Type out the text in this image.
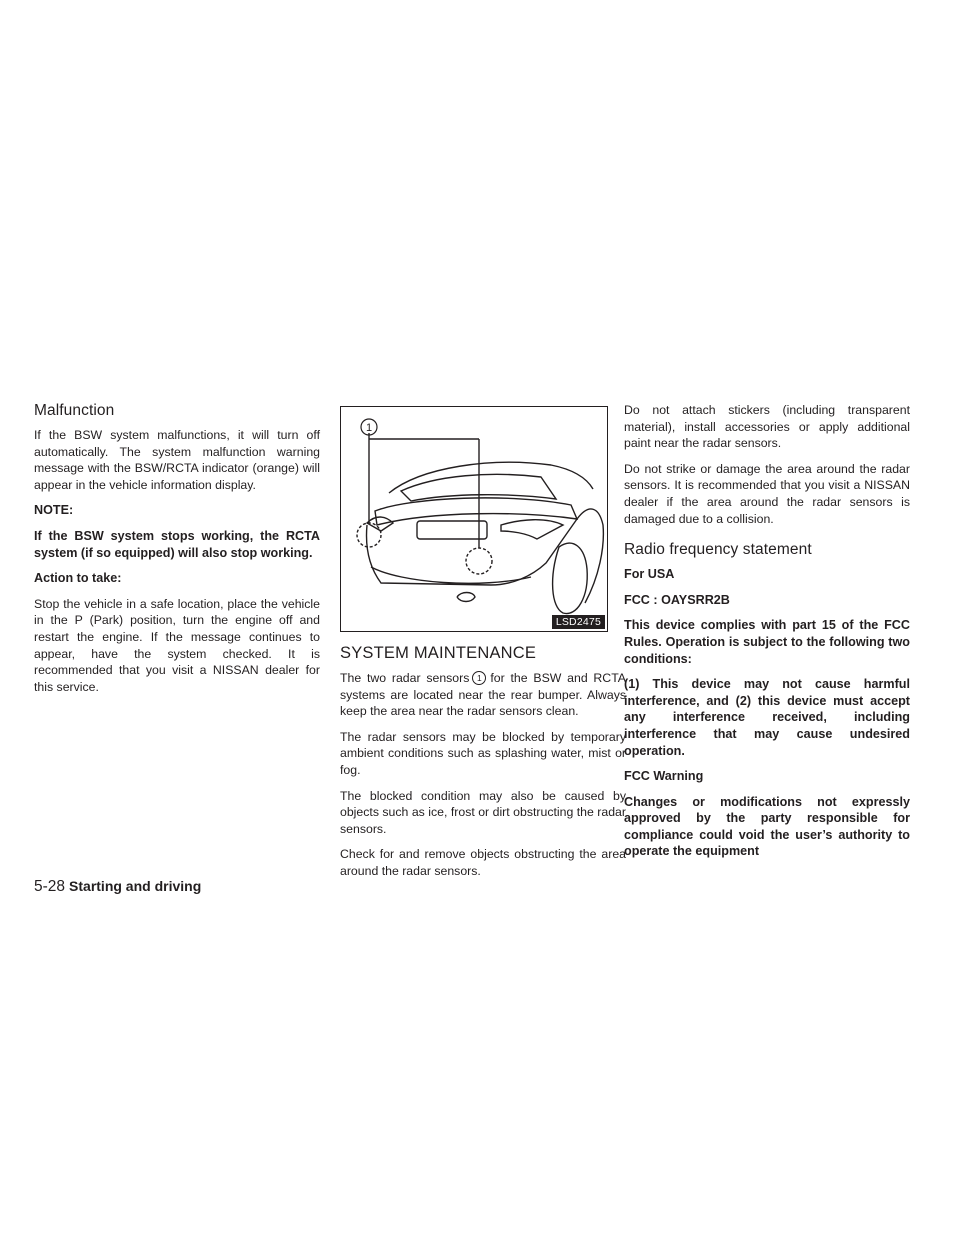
Malfunction

If the BSW system malfunctions, it will turn off automatically. The system malfunction warning message with the BSW/RCTA indicator (orange) will appear in the vehicle information display.

NOTE:

If the BSW system stops working, the RCTA system (if so equipped) will also stop working.

Action to take:

Stop the vehicle in a safe location, place the vehicle in the P (Park) position, turn the engine off and restart the engine. If the message continues to appear, have the system checked. It is recommended that you visit a NISSAN dealer for this service.

1
LSD2475
SYSTEM MAINTENANCE

The two radar sensors 1 for the BSW and RCTA systems are located near the rear bumper. Always keep the area near the radar sensors clean.

The radar sensors may be blocked by temporary ambient conditions such as splashing water, mist or fog.

The blocked condition may also be caused by objects such as ice, frost or dirt obstructing the radar sensors.

Check for and remove objects obstructing the area around the radar sensors.

Do not attach stickers (including transparent material), install accessories or apply additional paint near the radar sensors.

Do not strike or damage the area around the radar sensors. It is recommended that you visit a NISSAN dealer if the area around the radar sensors is damaged due to a collision.

Radio frequency statement

For USA

FCC : OAYSRR2B

This device complies with part 15 of the FCC Rules. Operation is subject to the following two conditions:

(1) This device may not cause harmful interference, and (2) this device must accept any interference received, including interference that may cause undesired operation.

FCC Warning

Changes or modifications not expressly approved by the party responsible for compliance could void the user’s authority to operate the equipment

5-28 Starting and driving
